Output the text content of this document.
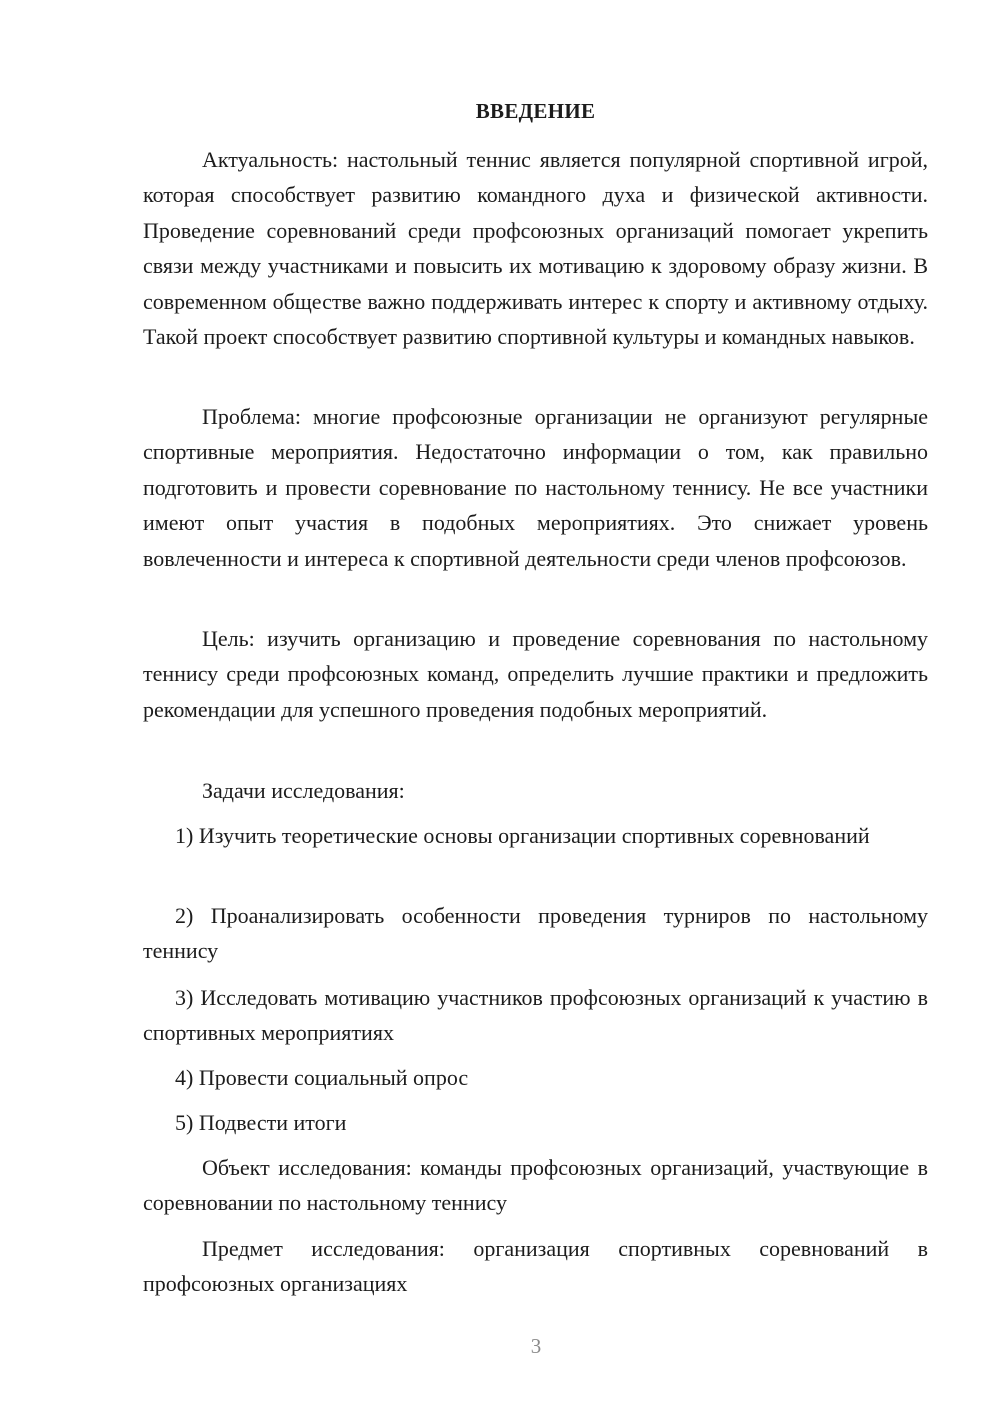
ВВЕДЕНИЕ

Актуальность: настольный теннис является популярной спортивной игрой, которая способствует развитию командного духа и физической активности. Проведение соревнований среди профсоюзных организаций помогает укрепить связи между участниками и повысить их мотивацию к здоровому образу жизни. В современном обществе важно поддерживать интерес к спорту и активному отдыху. Такой проект способствует развитию спортивной культуры и командных навыков.

Проблема: многие профсоюзные организации не организуют регулярные спортивные мероприятия. Недостаточно информации о том, как правильно подготовить и провести соревнование по настольному теннису. Не все участники имеют опыт участия в подобных мероприятиях. Это снижает уровень вовлеченности и интереса к спортивной деятельности среди членов профсоюзов.

Цель: изучить организацию и проведение соревнования по настольному теннису среди профсоюзных команд, определить лучшие практики и предложить рекомендации для успешного проведения подобных мероприятий.

Задачи исследования:

1) Изучить теоретические основы организации спортивных соревнований

2) Проанализировать особенности проведения турниров по настольному теннису

3) Исследовать мотивацию участников профсоюзных организаций к участию в спортивных мероприятиях

4) Провести социальный опрос

5) Подвести итоги

Объект исследования: команды профсоюзных организаций, участвующие в соревновании по настольному теннису

Предмет исследования: организация спортивных соревнований в профсоюзных организациях

3
